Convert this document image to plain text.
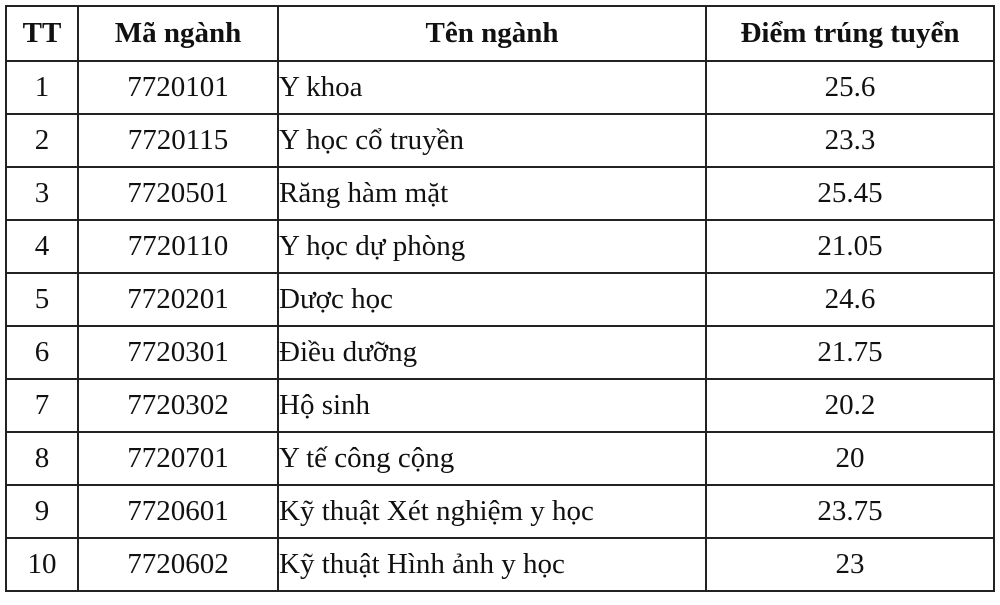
TT	Mã ngành	Tên ngành	Điểm trúng tuyển
1	7720101	Y khoa	25.6
2	7720115	Y học cổ truyền	23.3
3	7720501	Răng hàm mặt	25.45
4	7720110	Y học dự phòng	21.05
5	7720201	Dược học	24.6
6	7720301	Điều dưỡng	21.75
7	7720302	Hộ sinh	20.2
8	7720701	Y tế công cộng	20
9	7720601	Kỹ thuật Xét nghiệm y học	23.75
10	7720602	Kỹ thuật Hình ảnh y học	23
